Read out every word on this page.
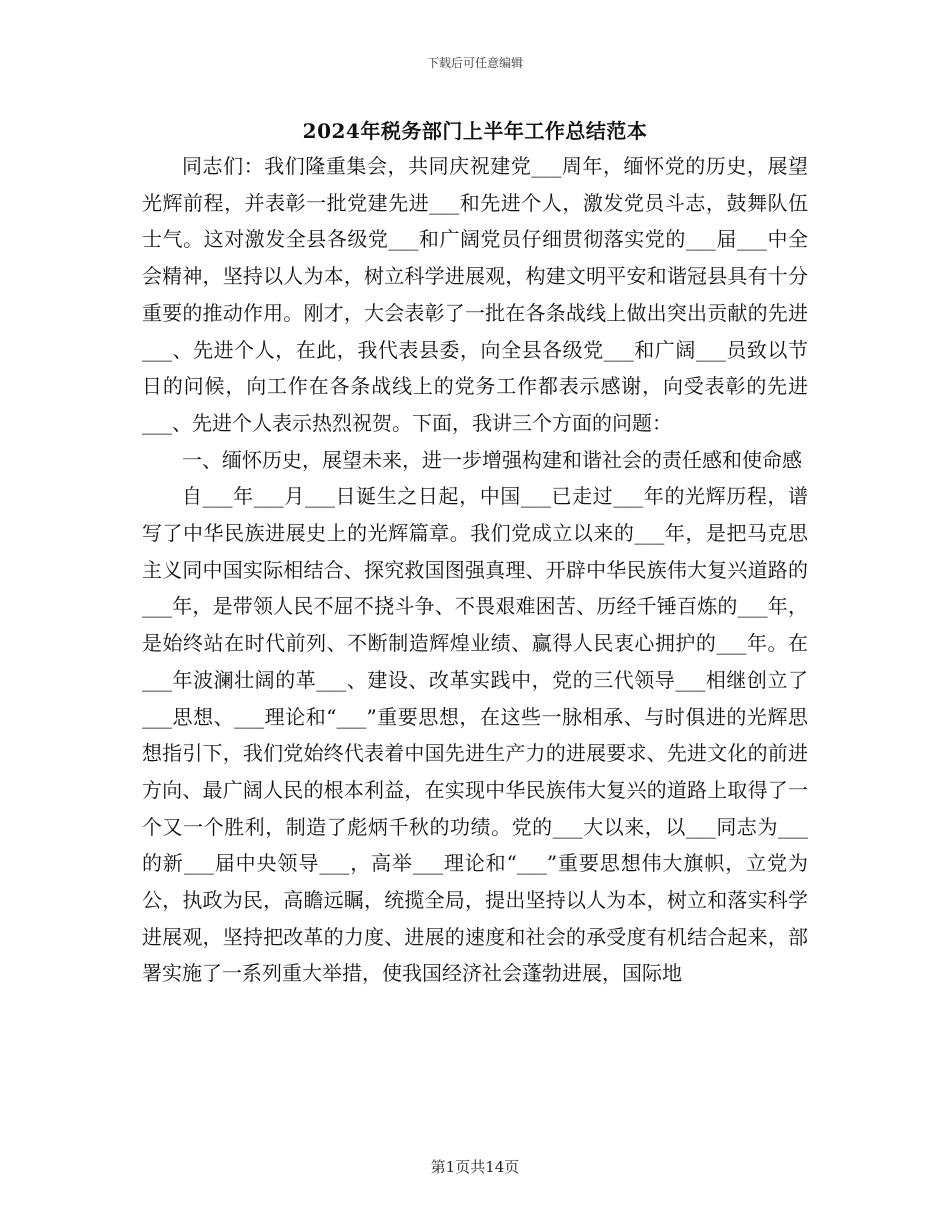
下载后可任意编辑
2024年税务部门上半年工作总结范本

同志们：我们隆重集会，共同庆祝建党___周年，缅怀党的历史，展望光辉前程，并表彰一批党建先进___和先进个人，激发党员斗志，鼓舞队伍士气。这对激发全县各级党___和广阔党员仔细贯彻落实党的___届___中全会精神，坚持以人为本，树立科学进展观，构建文明平安和谐冠县具有十分重要的推动作用。刚才，大会表彰了一批在各条战线上做出突出贡献的先进___、先进个人，在此，我代表县委，向全县各级党___和广阔___员致以节日的问候，向工作在各条战线上的党务工作都表示感谢，向受表彰的先进___、先进个人表示热烈祝贺。下面，我讲三个方面的问题：

一、缅怀历史，展望未来，进一步增强构建和谐社会的责任感和使命感

自___年___月___日诞生之日起，中国___已走过___年的光辉历程，谱写了中华民族进展史上的光辉篇章。我们党成立以来的___年，是把马克思主义同中国实际相结合、探究救国图强真理、开辟中华民族伟大复兴道路的___年，是带领人民不屈不挠斗争、不畏艰难困苦、历经千锤百炼的___年，是始终站在时代前列、不断制造辉煌业绩、赢得人民衷心拥护的___年。在___年波澜壮阔的革___、建设、改革实践中，党的三代领导___相继创立了___思想、___理论和“___”重要思想，在这些一脉相承、与时俱进的光辉思想指引下，我们党始终代表着中国先进生产力的进展要求、先进文化的前进方向、最广阔人民的根本利益，在实现中华民族伟大复兴的道路上取得了一个又一个胜利，制造了彪炳千秋的功绩。党的___大以来，以___同志为___的新___届中央领导___，高举___理论和“___”重要思想伟大旗帜，立党为公，执政为民，高瞻远瞩，统揽全局，提出坚持以人为本，树立和落实科学进展观，坚持把改革的力度、进展的速度和社会的承受度有机结合起来，部署实施了一系列重大举措，使我国经济社会蓬勃进展，国际地

第1页共14页
